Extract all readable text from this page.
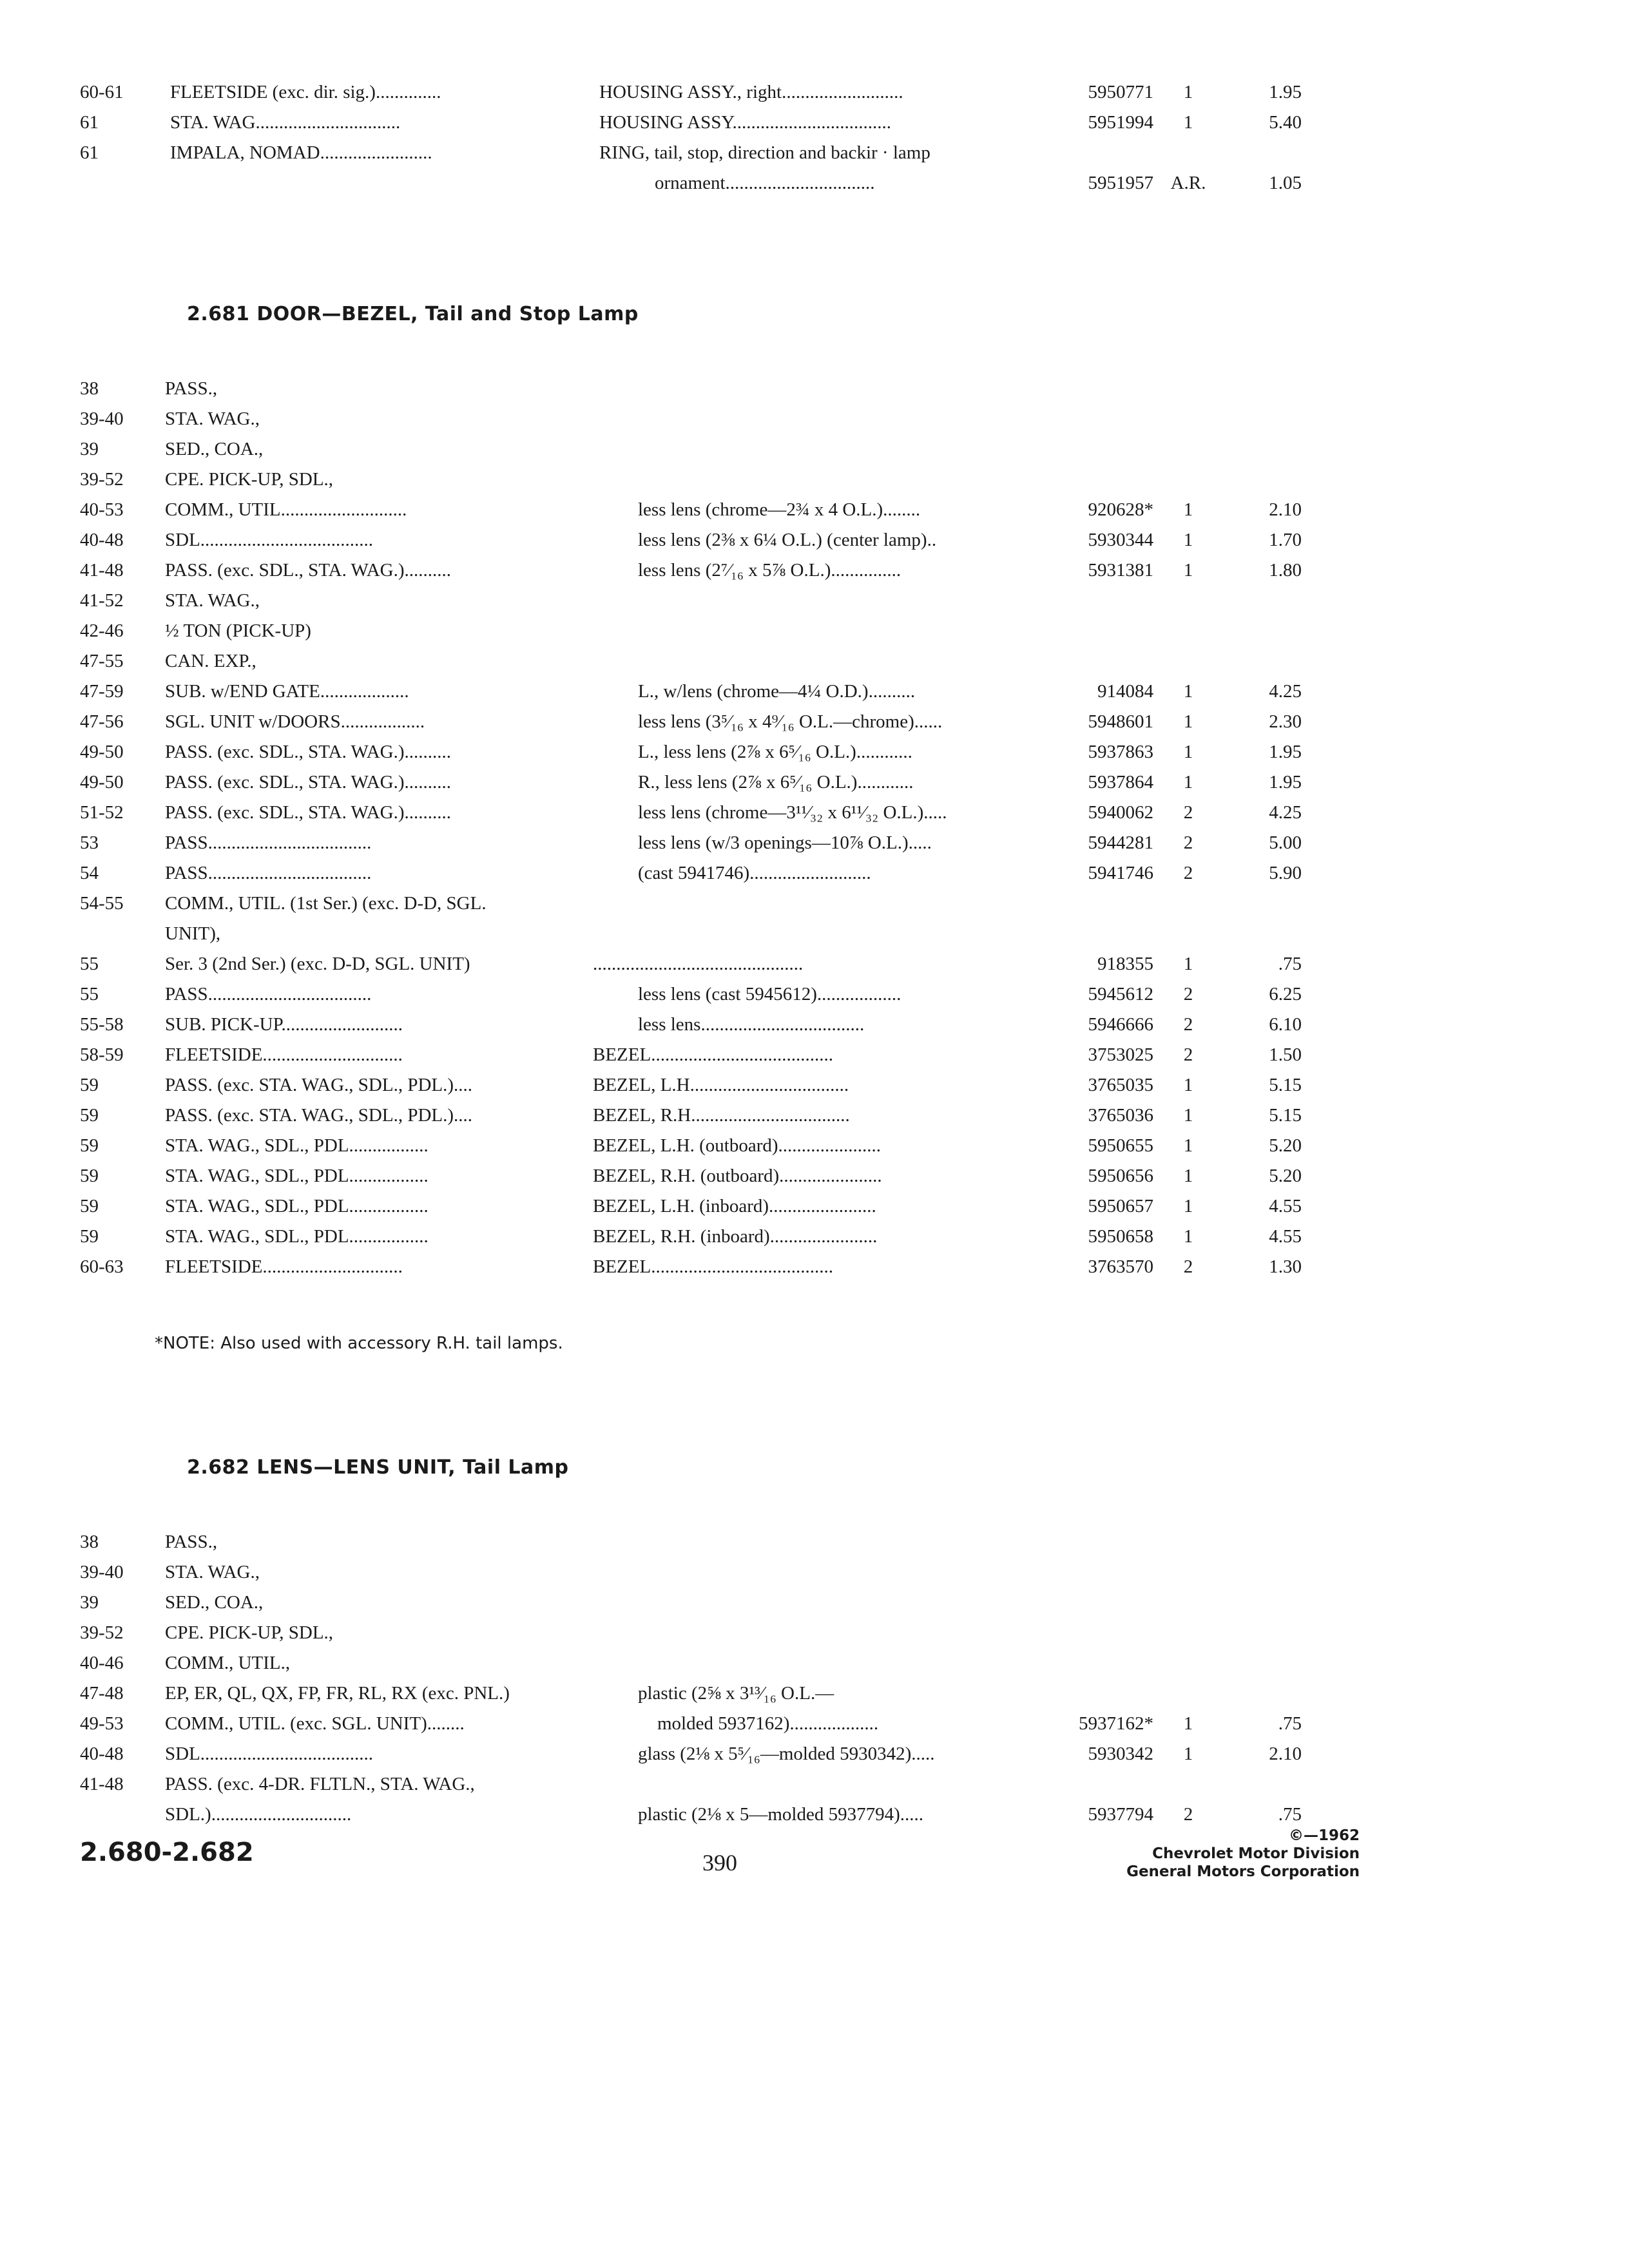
60-61 FLEETSIDE (exc. dir. sig.)..............	HOUSING ASSY., right..........................	5950771	1	1.95
61	STA. WAG...............................	HOUSING ASSY..................................	5951994	1	5.40
61	IMPALA, NOMAD........................	RING, tail, stop, direction and backir · lamp
ornament................................	5951957 A.R.	1.05
2.681 DOOR—BEZEL, Tail and Stop Lamp
38	PASS.,
39-40 STA. WAG.,
39	SED., COA.,
39-52 CPE. PICK-UP, SDL.,
40-53 COMM., UTIL...........................	less lens (chrome—2¾ x 4 O.L.)........	920628*	1	2.10
40-48 SDL.....................................	less lens (2⅜ x 6¼ O.L.) (center lamp)..	5930344	1	1.70
41-48 PASS. (exc. SDL., STA. WAG.)..........	less lens (2⁷⁄₁₆ x 5⅞ O.L.)...............	5931381	1	1.80
41-52 STA. WAG.,
42-46 ½ TON (PICK-UP)
47-55 CAN. EXP.,
47-59 SUB. w/END GATE...................	L., w/lens (chrome—4¼ O.D.)..........	914084	1	4.25
47-56 SGL. UNIT w/DOORS..................	less lens (3⁵⁄₁₆ x 4⁹⁄₁₆ O.L.—chrome)......	5948601	1	2.30
49-50 PASS. (exc. SDL., STA. WAG.)..........	L., less lens (2⅞ x 6⁵⁄₁₆ O.L.)............	5937863	1	1.95
49-50 PASS. (exc. SDL., STA. WAG.)..........	R., less lens (2⅞ x 6⁵⁄₁₆ O.L.)............	5937864	1	1.95
51-52 PASS. (exc. SDL., STA. WAG.)..........	less lens (chrome—3¹¹⁄₃₂ x 6¹¹⁄₃₂ O.L.).....	5940062	2	4.25
53	PASS...................................	less lens (w/3 openings—10⅞ O.L.).....	5944281	2	5.00
54	PASS...................................	(cast 5941746)..........................	5941746	2	5.90
54-55 COMM., UTIL. (1st Ser.) (exc. D-D, SGL.
UNIT),
55	Ser. 3 (2nd Ser.) (exc. D-D, SGL. UNIT)	.............................................	918355	1	.75
55	PASS...................................	less lens (cast 5945612)..................	5945612	2	6.25
55-58 SUB. PICK-UP..........................	less lens...................................	5946666	2	6.10
58-59 FLEETSIDE..............................	BEZEL.......................................	3753025	2	1.50
59	PASS. (exc. STA. WAG., SDL., PDL.)....	BEZEL, L.H..................................	3765035	1	5.15
59	PASS. (exc. STA. WAG., SDL., PDL.)....	BEZEL, R.H..................................	3765036	1	5.15
59	STA. WAG., SDL., PDL.................	BEZEL, L.H. (outboard)......................	5950655	1	5.20
59	STA. WAG., SDL., PDL.................	BEZEL, R.H. (outboard)......................	5950656	1	5.20
59	STA. WAG., SDL., PDL.................	BEZEL, L.H. (inboard).......................	5950657	1	4.55
59	STA. WAG., SDL., PDL.................	BEZEL, R.H. (inboard).......................	5950658	1	4.55
60-63 FLEETSIDE..............................	BEZEL.......................................	3763570	2	1.30
*NOTE: Also used with accessory R.H. tail lamps.
2.682 LENS—LENS UNIT, Tail Lamp
38	PASS.,
39-40 STA. WAG.,
39	SED., COA.,
39-52 CPE. PICK-UP, SDL.,
40-46 COMM., UTIL.,
47-48 EP, ER, QL, QX, FP, FR, RL, RX (exc. PNL.)	plastic (2⅝ x 3¹³⁄₁₆ O.L.—
49-53 COMM., UTIL. (exc. SGL. UNIT)........	molded 5937162)...................	5937162*	1	.75
40-48 SDL.....................................	glass (2⅛ x 5⁵⁄₁₆—molded 5930342).....	5930342	1	2.10
41-48 PASS. (exc. 4-DR. FLTLN., STA. WAG.,
SDL.)..............................	plastic (2⅛ x 5—molded 5937794).....	5937794	2	.75
2.680-2.682	390
©—1962
Chevrolet Motor Division
General Motors Corporation
